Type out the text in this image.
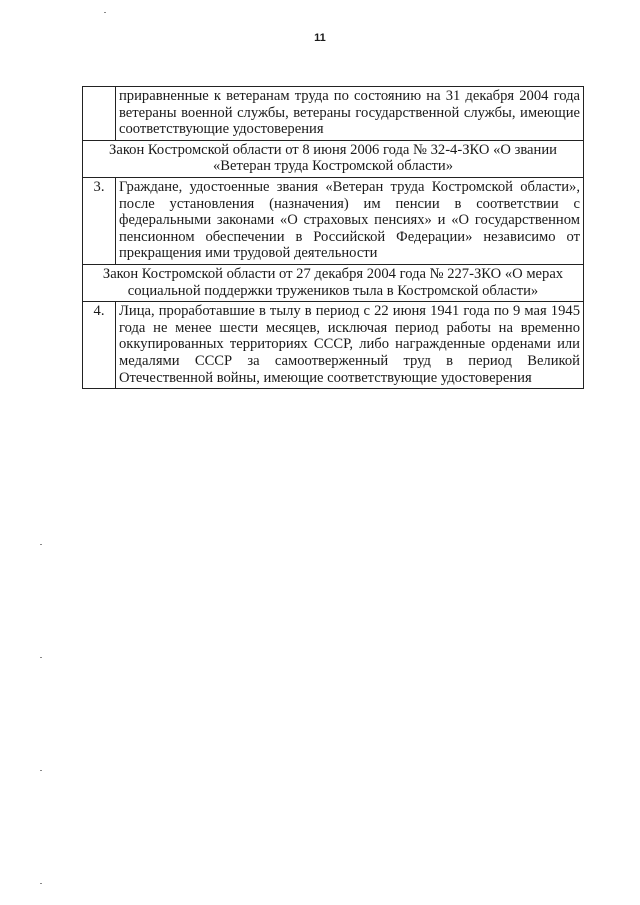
11
	приравненные к ветеранам труда по состоянию на 31 декабря 2004 года ветераны военной службы, ветераны государственной службы, имеющие соответствующие удостоверения
Закон Костромской области от 8 июня 2006 года № 32-4-ЗКО «О звании «Ветеран труда Костромской области»	
3.	Граждане, удостоенные звания «Ветеран труда Костромской области», после установления (назначения) им пенсии в соответствии с федеральными законами «О страховых пенсиях» и «О государственном пенсионном обеспечении в Российской Федерации» независимо от прекращения ими трудовой деятельности
Закон Костромской области от 27 декабря 2004 года № 227-ЗКО «О мерах социальной поддержки тружеников тыла в Костромской области»	
4.	Лица, проработавшие в тылу в период с 22 июня 1941 года по 9 мая 1945 года не менее шести месяцев, исключая период работы на временно оккупированных территориях СССР, либо награжденные орденами или медалями СССР за самоотверженный труд в период Великой Отечественной войны, имеющие соответствующие удостоверения
